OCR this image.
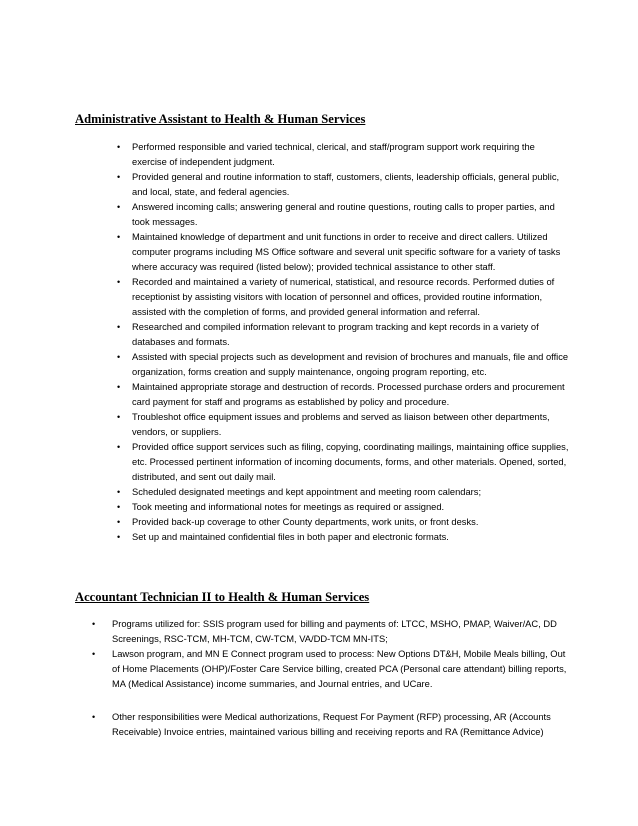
Administrative Assistant to Health & Human Services
• Performed responsible and varied technical, clerical, and staff/program support work requiring the exercise of independent judgment.
• Provided general and routine information to staff, customers, clients, leadership officials, general public, and local, state, and federal agencies.
• Answered incoming calls; answering general and routine questions, routing calls to proper parties, and took messages.
• Maintained knowledge of department and unit functions in order to receive and direct callers. Utilized computer programs including MS Office software and several unit specific software for a variety of tasks where accuracy was required (listed below); provided technical assistance to other staff.
• Recorded and maintained a variety of numerical, statistical, and resource records. Performed duties of receptionist by assisting visitors with location of personnel and offices, provided routine information, assisted with the completion of forms, and provided general information and referral.
• Researched and compiled information relevant to program tracking and kept records in a variety of databases and formats.
• Assisted with special projects such as development and revision of brochures and manuals, file and office organization, forms creation and supply maintenance, ongoing program reporting, etc.
• Maintained appropriate storage and destruction of records. Processed purchase orders and procurement card payment for staff and programs as established by policy and procedure.
• Troubleshot office equipment issues and problems and served as liaison between other departments, vendors, or suppliers.
• Provided office support services such as filing, copying, coordinating mailings, maintaining office supplies, etc. Processed pertinent information of incoming documents, forms, and other materials. Opened, sorted, distributed, and sent out daily mail.
• Scheduled designated meetings and kept appointment and meeting room calendars;
• Took meeting and informational notes for meetings as required or assigned.
• Provided back-up coverage to other County departments, work units, or front desks.
• Set up and maintained confidential files in both paper and electronic formats.
Accountant Technician II to Health & Human Services
• Programs utilized for: SSIS program used for billing and payments of: LTCC, MSHO, PMAP, Waiver/AC, DD Screenings, RSC-TCM, MH-TCM, CW-TCM, VA/DD-TCM MN-ITS;
• Lawson program, and MN E Connect program used to process: New Options DT&H, Mobile Meals billing, Out of Home Placements (OHP)/Foster Care Service billing, created PCA (Personal care attendant) billing reports, MA (Medical Assistance) income summaries, and Journal entries, and UCare.
• Other responsibilities were Medical authorizations, Request For Payment (RFP) processing, AR (Accounts Receivable) Invoice entries, maintained various billing and receiving reports and RA (Remittance Advice)
